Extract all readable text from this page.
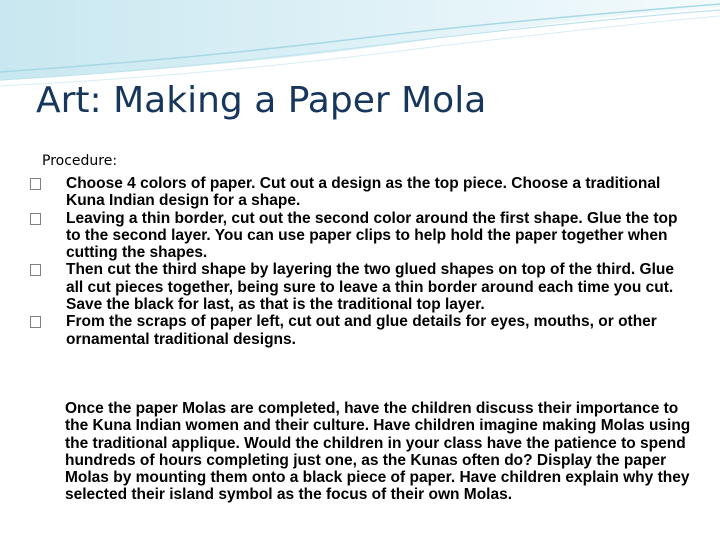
Art: Making a Paper Mola
Procedure:
Choose 4 colors of paper. Cut out a design as the top piece. Choose a traditional Kuna Indian design for a shape.
Leaving a thin border, cut out the second color around the first shape. Glue the top to the second layer. You can use paper clips to help hold the paper together when cutting the shapes.
Then cut the third shape by layering the two glued shapes on top of the third. Glue all cut pieces together, being sure to leave a thin border around each time you cut. Save the black for last, as that is the traditional top layer.
From the scraps of paper left, cut out and glue details for eyes, mouths, or other ornamental traditional designs.

Once the paper Molas are completed, have the children discuss their importance to the Kuna Indian women and their culture. Have children imagine making Molas using the traditional applique. Would the children in your class have the patience to spend hundreds of hours completing just one, as the Kunas often do? Display the paper Molas by mounting them onto a black piece of paper. Have children explain why they selected their island symbol as the focus of their own Molas.
